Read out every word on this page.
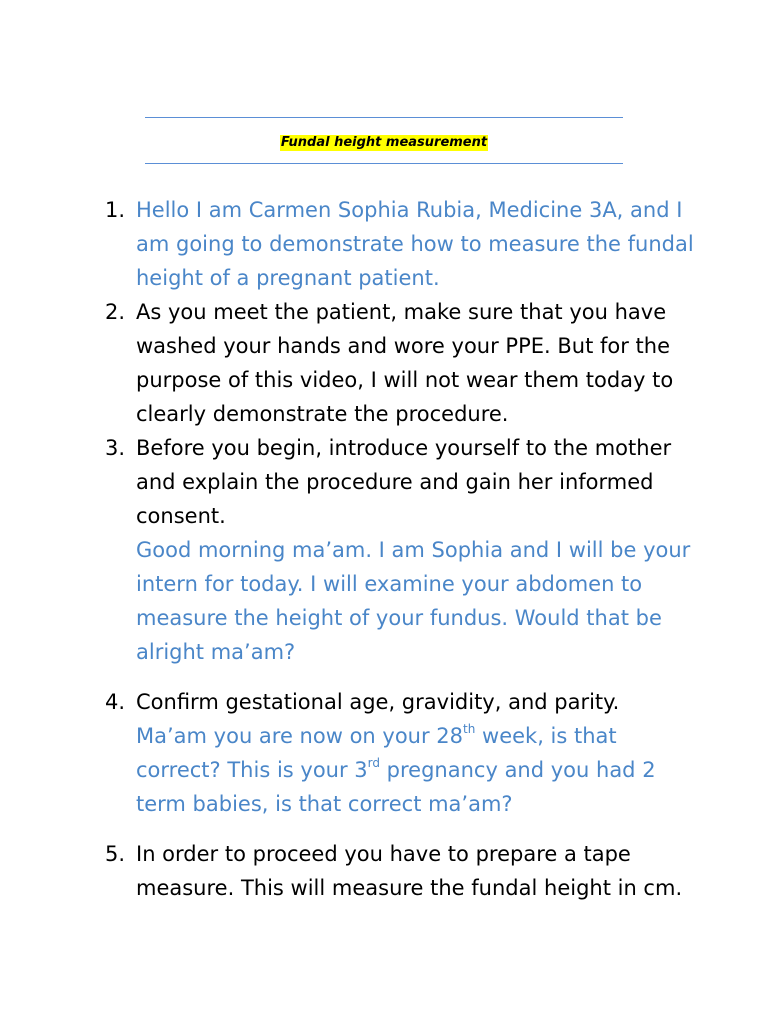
Fundal height measurement
1. Hello I am Carmen Sophia Rubia, Medicine 3A, and I am going to demonstrate how to measure the fundal height of a pregnant patient.
2. As you meet the patient, make sure that you have washed your hands and wore your PPE. But for the purpose of this video, I will not wear them today to clearly demonstrate the procedure.
3. Before you begin, introduce yourself to the mother and explain the procedure and gain her informed consent.
Good morning ma’am. I am Sophia and I will be your intern for today. I will examine your abdomen to measure the height of your fundus. Would that be alright ma’am?
4. Confirm gestational age, gravidity, and parity.
Ma’am you are now on your 28th week, is that correct? This is your 3rd pregnancy and you had 2 term babies, is that correct ma’am?
5. In order to proceed you have to prepare a tape measure. This will measure the fundal height in cm.
